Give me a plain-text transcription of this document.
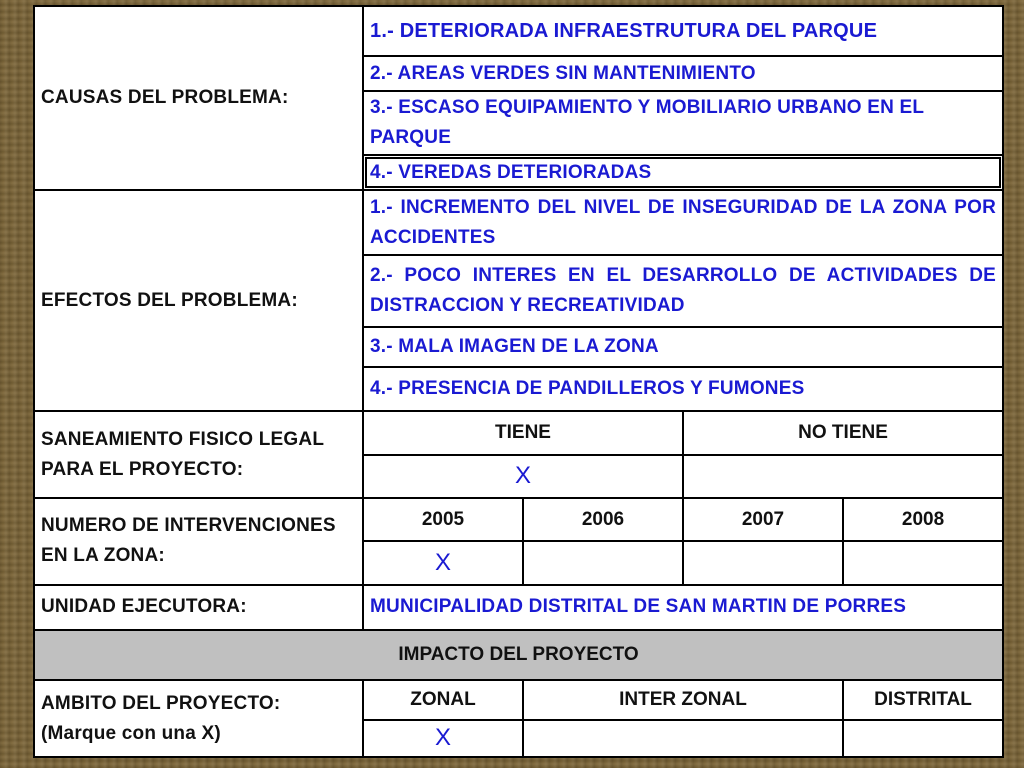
CAUSAS DEL PROBLEMA:	1.- DETERIORADA INFRAESTRUTURA DEL PARQUE			
	2.- AREAS VERDES SIN MANTENIMIENTO			
	3.- ESCASO EQUIPAMIENTO Y MOBILIARIO URBANO EN EL PARQUE			
	4.- VEREDAS DETERIORADAS			
EFECTOS DEL PROBLEMA:	1.- INCREMENTO DEL NIVEL DE INSEGURIDAD DE LA ZONA POR ACCIDENTES			
	2.- POCO INTERES EN EL DESARROLLO DE ACTIVIDADES DE DISTRACCION Y RECREATIVIDAD			
	3.- MALA IMAGEN DE LA ZONA			
	4.- PRESENCIA DE PANDILLEROS Y FUMONES			

SANEAMIENTO FISICO LEGAL
PARA EL PROYECTO:	TIENE		NO TIENE	
	X			

NUMERO DE INTERVENCIONES
EN LA ZONA:	2005	2006	2007	2008
	X			
UNIDAD EJECUTORA:	MUNICIPALIDAD DISTRITAL DE SAN MARTIN DE PORRES			
IMPACTO DEL PROYECTO				

AMBITO DEL PROYECTO:
(Marque con una X)	ZONAL	INTER ZONAL		DISTRITAL
	X			
